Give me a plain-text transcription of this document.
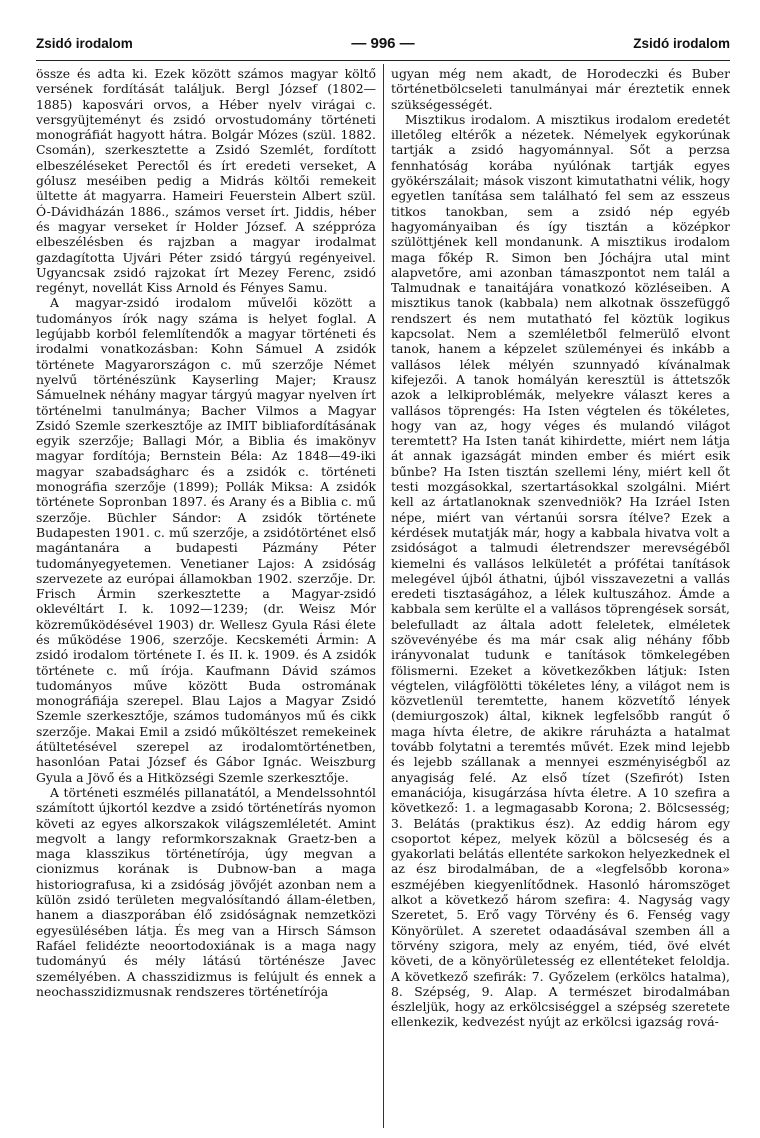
Zsidó irodalom	— 996 —	Zsidó irodalom

össze és adta ki. Ezek között számos magyar költő versének fordítását találjuk. Bergl József (1802—1885) kaposvári orvos, a Héber nyelv virágai c. versgyüjteményt és zsidó orvostudomány történeti monográfiát hagyott hátra. Bolgár Mózes (szül. 1882. Csomán), szerkesztette a Zsidó Szemlét, fordított elbeszéléseket Perectől és írt eredeti verseket, A gólusz meséiben pedig a Midrás költői remekeit ültette át magyarra. Hameiri Feuerstein Albert szül. Ó-Dávidházán 1886., számos verset írt. Jiddis, héber és magyar verseket ír Holder József. A széppróza elbeszélésben és rajzban a magyar irodalmat gazdagította Ujvári Péter zsidó tárgyú regényeivel. Ugyancsak zsidó rajzokat írt Mezey Ferenc, zsidó regényt, novellát Kiss Arnold és Fényes Samu.

A magyar-zsidó irodalom művelői között a tudományos írók nagy száma is helyet foglal. A legújabb korból felemlítendők a magyar történeti és irodalmi vonatkozásban: Kohn Sámuel A zsidók története Magyarországon c. mű szerzője Német nyelvű történészünk Kayserling Majer; Krausz Sámuelnek néhány magyar tárgyú magyar nyelven írt történelmi tanulmánya; Bacher Vilmos a Magyar Zsidó Szemle szerkesztője az IMIT bibliafordításának egyik szerzője; Ballagi Mór, a Biblia és imakönyv magyar fordítója; Bernstein Béla: Az 1848—49-iki magyar szabadságharc és a zsidók c. történeti monográfia szerzője (1899); Pollák Miksa: A zsidók története Sopronban 1897. és Arany és a Biblia c. mű szerzője. Büchler Sándor: A zsidók története Budapesten 1901. c. mű szerzője, a zsidótörténet első magántanára a budapesti Pázmány Péter tudományegyetemen. Venetianer Lajos: A zsidóság szervezete az európai államokban 1902. szerzője. Dr. Frisch Ármin szerkesztette a Magyar-zsidó oklevéltárt I. k. 1092—1239; (dr. Weisz Mór közreműködésével 1903) dr. Wellesz Gyula Rási élete és működése 1906, szerzője. Kecskeméti Ármin: A zsidó irodalom története I. és II. k. 1909. és A zsidók története c. mű írója. Kaufmann Dávid számos tudományos műve között Buda ostromának monográfiája szerepel. Blau Lajos a Magyar Zsidó Szemle szerkesztője, számos tudományos mű és cikk szerzője. Makai Emil a zsidó műköltészet remekeinek átültetésével szerepel az irodalomtörténetben, hasonlóan Patai József és Gábor Ignác. Weiszburg Gyula a Jövő és a Hitközségi Szemle szerkesztője.

A történeti eszmélés pillanatától, a Mendelssohntól számított újkortól kezdve a zsidó történetírás nyomon követi az egyes alkorszakok világszemléletét. Amint megvolt a langy reformkorszaknak Graetz-ben a maga klasszikus történetírója, úgy megvan a cionizmus korának is Dubnow-ban a maga historiografusa, ki a zsidóság jövőjét azonban nem a külön zsidó területen megvalósítandó állam-életben, hanem a diaszporában élő zsidóságnak nemzetközi egyesülésében látja. És meg van a Hirsch Sámson Rafáel felidézte neoortodoxiának is a maga nagy tudományú és mély látású történésze Javec személyében. A chasszidizmus is felújult és ennek a neochasszidizmusnak rendszeres történetírója

ugyan még nem akadt, de Horodeczki és Buber történetbölcseleti tanulmányai már éreztetik ennek szükségességét.

Misztikus irodalom. A misztikus irodalom eredetét illetőleg eltérők a nézetek. Némelyek egykorúnak tartják a zsidó hagyománnyal. Sőt a perzsa fennhatóság korába nyúlónak tartják egyes gyökérszálait; mások viszont kimutathatni vélik, hogy egyetlen tanítása sem található fel sem az esszeus titkos tanokban, sem a zsidó nép egyéb hagyományaiban és így tisztán a középkor szülöttjének kell mondanunk. A misztikus irodalom maga főkép R. Simon ben Jóchájra utal mint alapvetőre, ami azonban támaszpontot nem talál a Talmudnak e tanaitájára vonatkozó közléseiben. A misztikus tanok (kabbala) nem alkotnak összefüggő rendszert és nem mutatható fel köztük logikus kapcsolat. Nem a szemléletből felmerülő elvont tanok, hanem a képzelet szüleményei és inkább a vallásos lélek mélyén szunnyadó kívánalmak kifejezői. A tanok homályán keresztül is áttetszők azok a lelkiproblémák, melyekre választ keres a vallásos töprengés: Ha Isten végtelen és tökéletes, hogy van az, hogy véges és mulandó világot teremtett? Ha Isten tanát kihirdette, miért nem látja át annak igazságát minden ember és miért esik bűnbe? Ha Isten tisztán szellemi lény, miért kell őt testi mozgásokkal, szertartásokkal szolgálni. Miért kell az ártatlanoknak szenvedniök? Ha Izráel Isten népe, miért van vértanúi sorsra ítélve? Ezek a kérdések mutatják már, hogy a kabbala hivatva volt a zsidóságot a talmudi életrendszer merevségéből kiemelni és vallásos lelkületét a prófétai tanítások melegével újból áthatni, újból visszavezetni a vallás eredeti tisztaságához, a lélek kultuszához. Ámde a kabbala sem kerülte el a vallásos töprengések sorsát, belefulladt az általa adott feleletek, elméletek szövevényébe és ma már csak alig néhány főbb irányvonalat tudunk e tanítások tömkelegében fölismerni. Ezeket a következőkben látjuk: Isten végtelen, világfölötti tökéletes lény, a világot nem is közvetlenül teremtette, hanem közvetítő lények (demiurgoszok) által, kiknek legfelsőbb rangút ő maga hívta életre, de akikre ráruházta a hatalmat tovább folytatni a teremtés művét. Ezek mind lejebb és lejebb szállanak a mennyei eszményiségből az anyagiság felé. Az első tízet (Szefirót) Isten emanációja, kisugárzása hívta életre. A 10 szefira a következő: 1. a legmagasabb Korona; 2. Bölcsesség; 3. Belátás (praktikus ész). Az eddig három egy csoportot képez, melyek közül a bölcseség és a gyakorlati belátás ellentéte sarkokon helyezkednek el az ész birodalmában, de a «legfelsőbb korona» eszméjében kiegyenlítődnek. Hasonló háromszöget alkot a következő három szefira: 4. Nagyság vagy Szeretet, 5. Erő vagy Törvény és 6. Fenség vagy Könyörület. A szeretet odaadásával szemben áll a törvény szigora, mely az enyém, tiéd, övé elvét követi, de a könyörületesség ez ellentéteket feloldja. A következő szefirák: 7. Győzelem (erkölcs hatalma), 8. Szépség, 9. Alap. A természet birodalmában észleljük, hogy az erkölcsiséggel a szépség szeretete ellenkezik, kedvezést nyújt az erkölcsi igazság rová-
